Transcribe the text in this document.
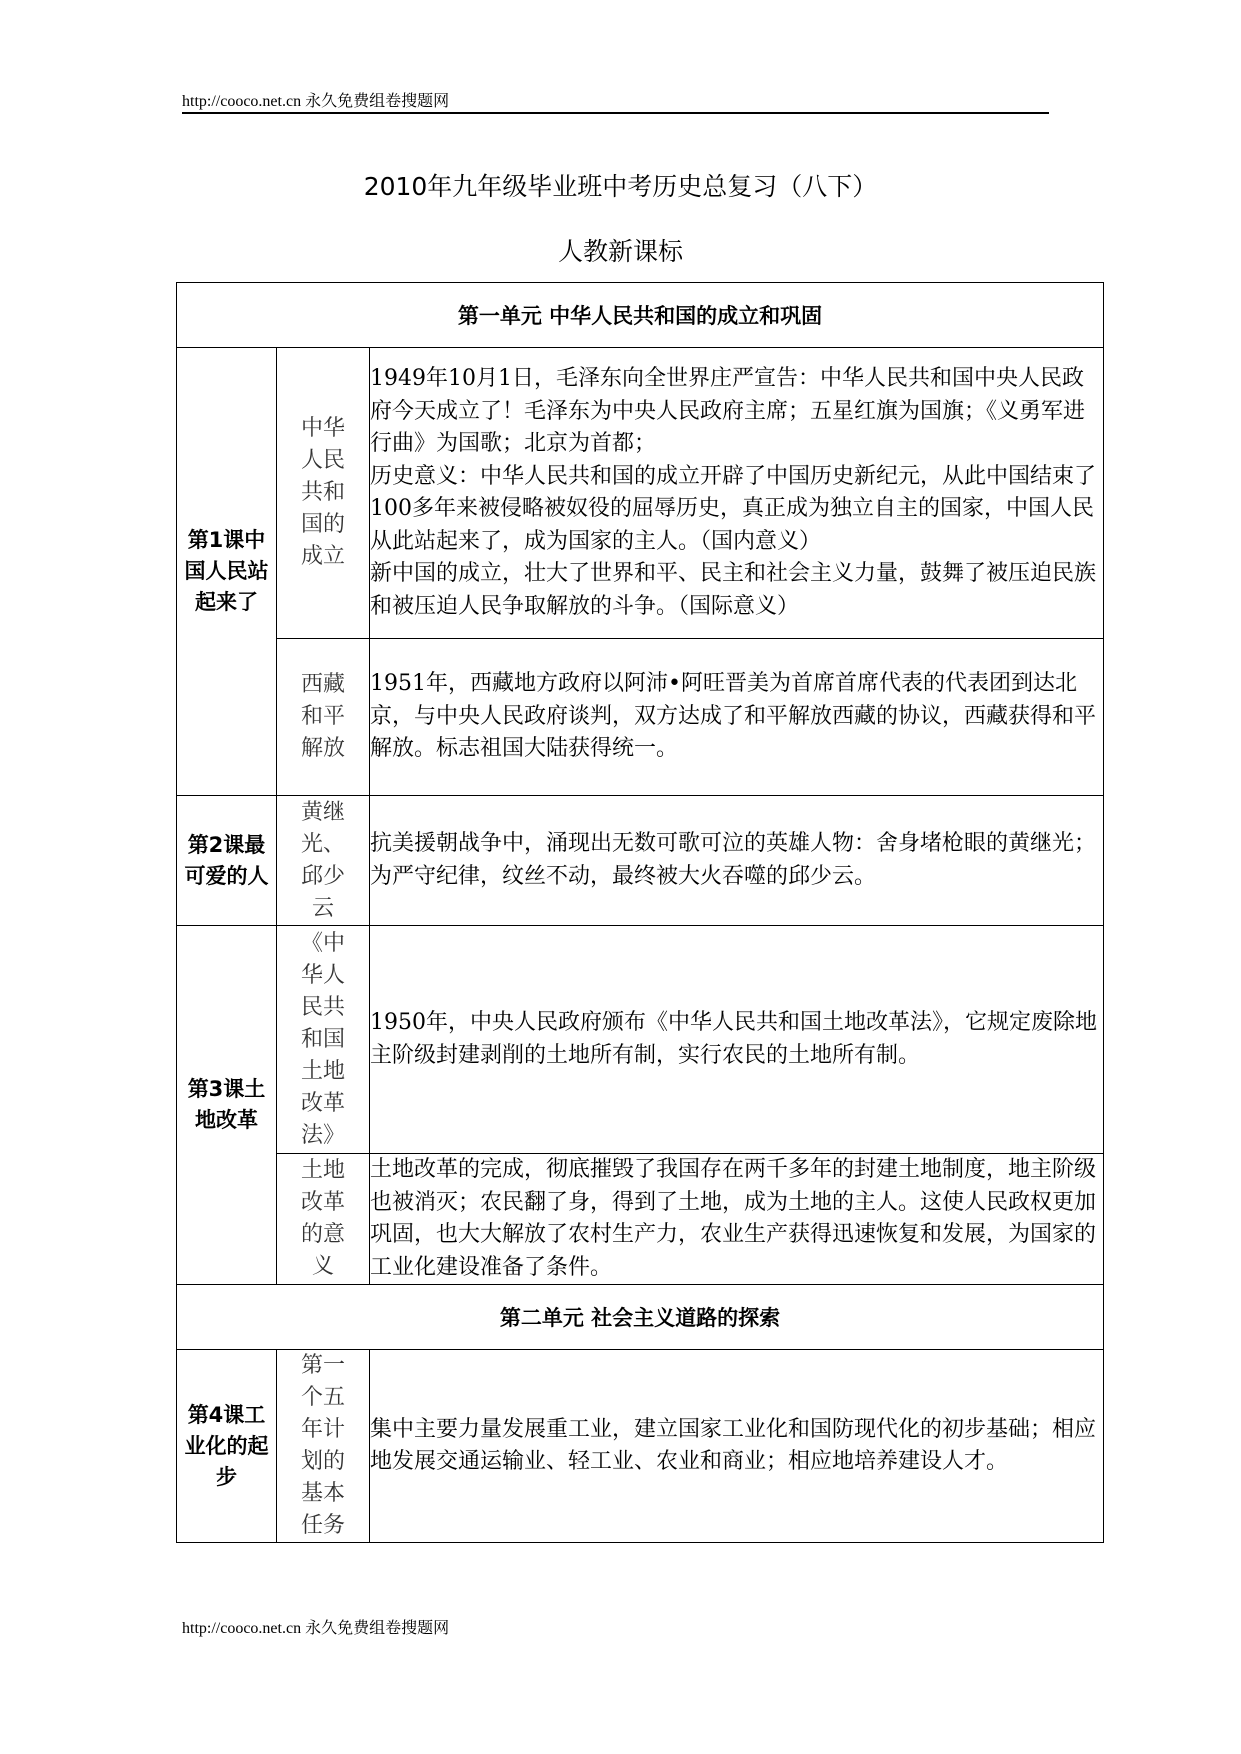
http://cooco.net.cn 永久免费组卷搜题网
2010年九年级毕业班中考历史总复习（八下）
人教新课标
第一单元 中华人民共和国的成立和巩固		

第1课中国人民站起来了	中华人民共和国的成立	1949年10月1日，毛泽东向全世界庄严宣告：中华人民共和国中央人民政府今天成立了！毛泽东为中央人民政府主席；五星红旗为国旗；《义勇军进行曲》为国歌；北京为首都；
历史意义：中华人民共和国的成立开辟了中国历史新纪元，从此中国结束了100多年来被侵略被奴役的屈辱历史，真正成为独立自主的国家，中国人民从此站起来了，成为国家的主人。（国内意义）
新中国的成立，壮大了世界和平、民主和社会主义力量，鼓舞了被压迫民族和被压迫人民争取解放的斗争。（国际意义）

	西藏和平解放	1951年，西藏地方政府以阿沛•阿旺晋美为首席首席代表的代表团到达北京，与中央人民政府谈判，双方达成了和平解放西藏的协议，西藏获得和平解放。标志祖国大陆获得统一。

第2课最可爱的人	黄继光、邱少云	抗美援朝战争中，涌现出无数可歌可泣的英雄人物：舍身堵枪眼的黄继光；为严守纪律，纹丝不动，最终被大火吞噬的邱少云。

第3课土地改革	《中华人民共和国土地改革法》	1950年，中央人民政府颁布《中华人民共和国土地改革法》，它规定废除地主阶级封建剥削的土地所有制，实行农民的土地所有制。

	土地改革的意义	土地改革的完成，彻底摧毁了我国存在两千多年的封建土地制度，地主阶级也被消灭；农民翻了身，得到了土地，成为土地的主人。这使人民政权更加巩固，也大大解放了农村生产力，农业生产获得迅速恢复和发展，为国家的工业化建设准备了条件。

第二单元 社会主义道路的探索		

第4课工业化的起步	第一个五年计划的基本任务	集中主要力量发展重工业，建立国家工业化和国防现代化的初步基础；相应地发展交通运输业、轻工业、农业和商业；相应地培养建设人才。
http://cooco.net.cn 永久免费组卷搜题网
